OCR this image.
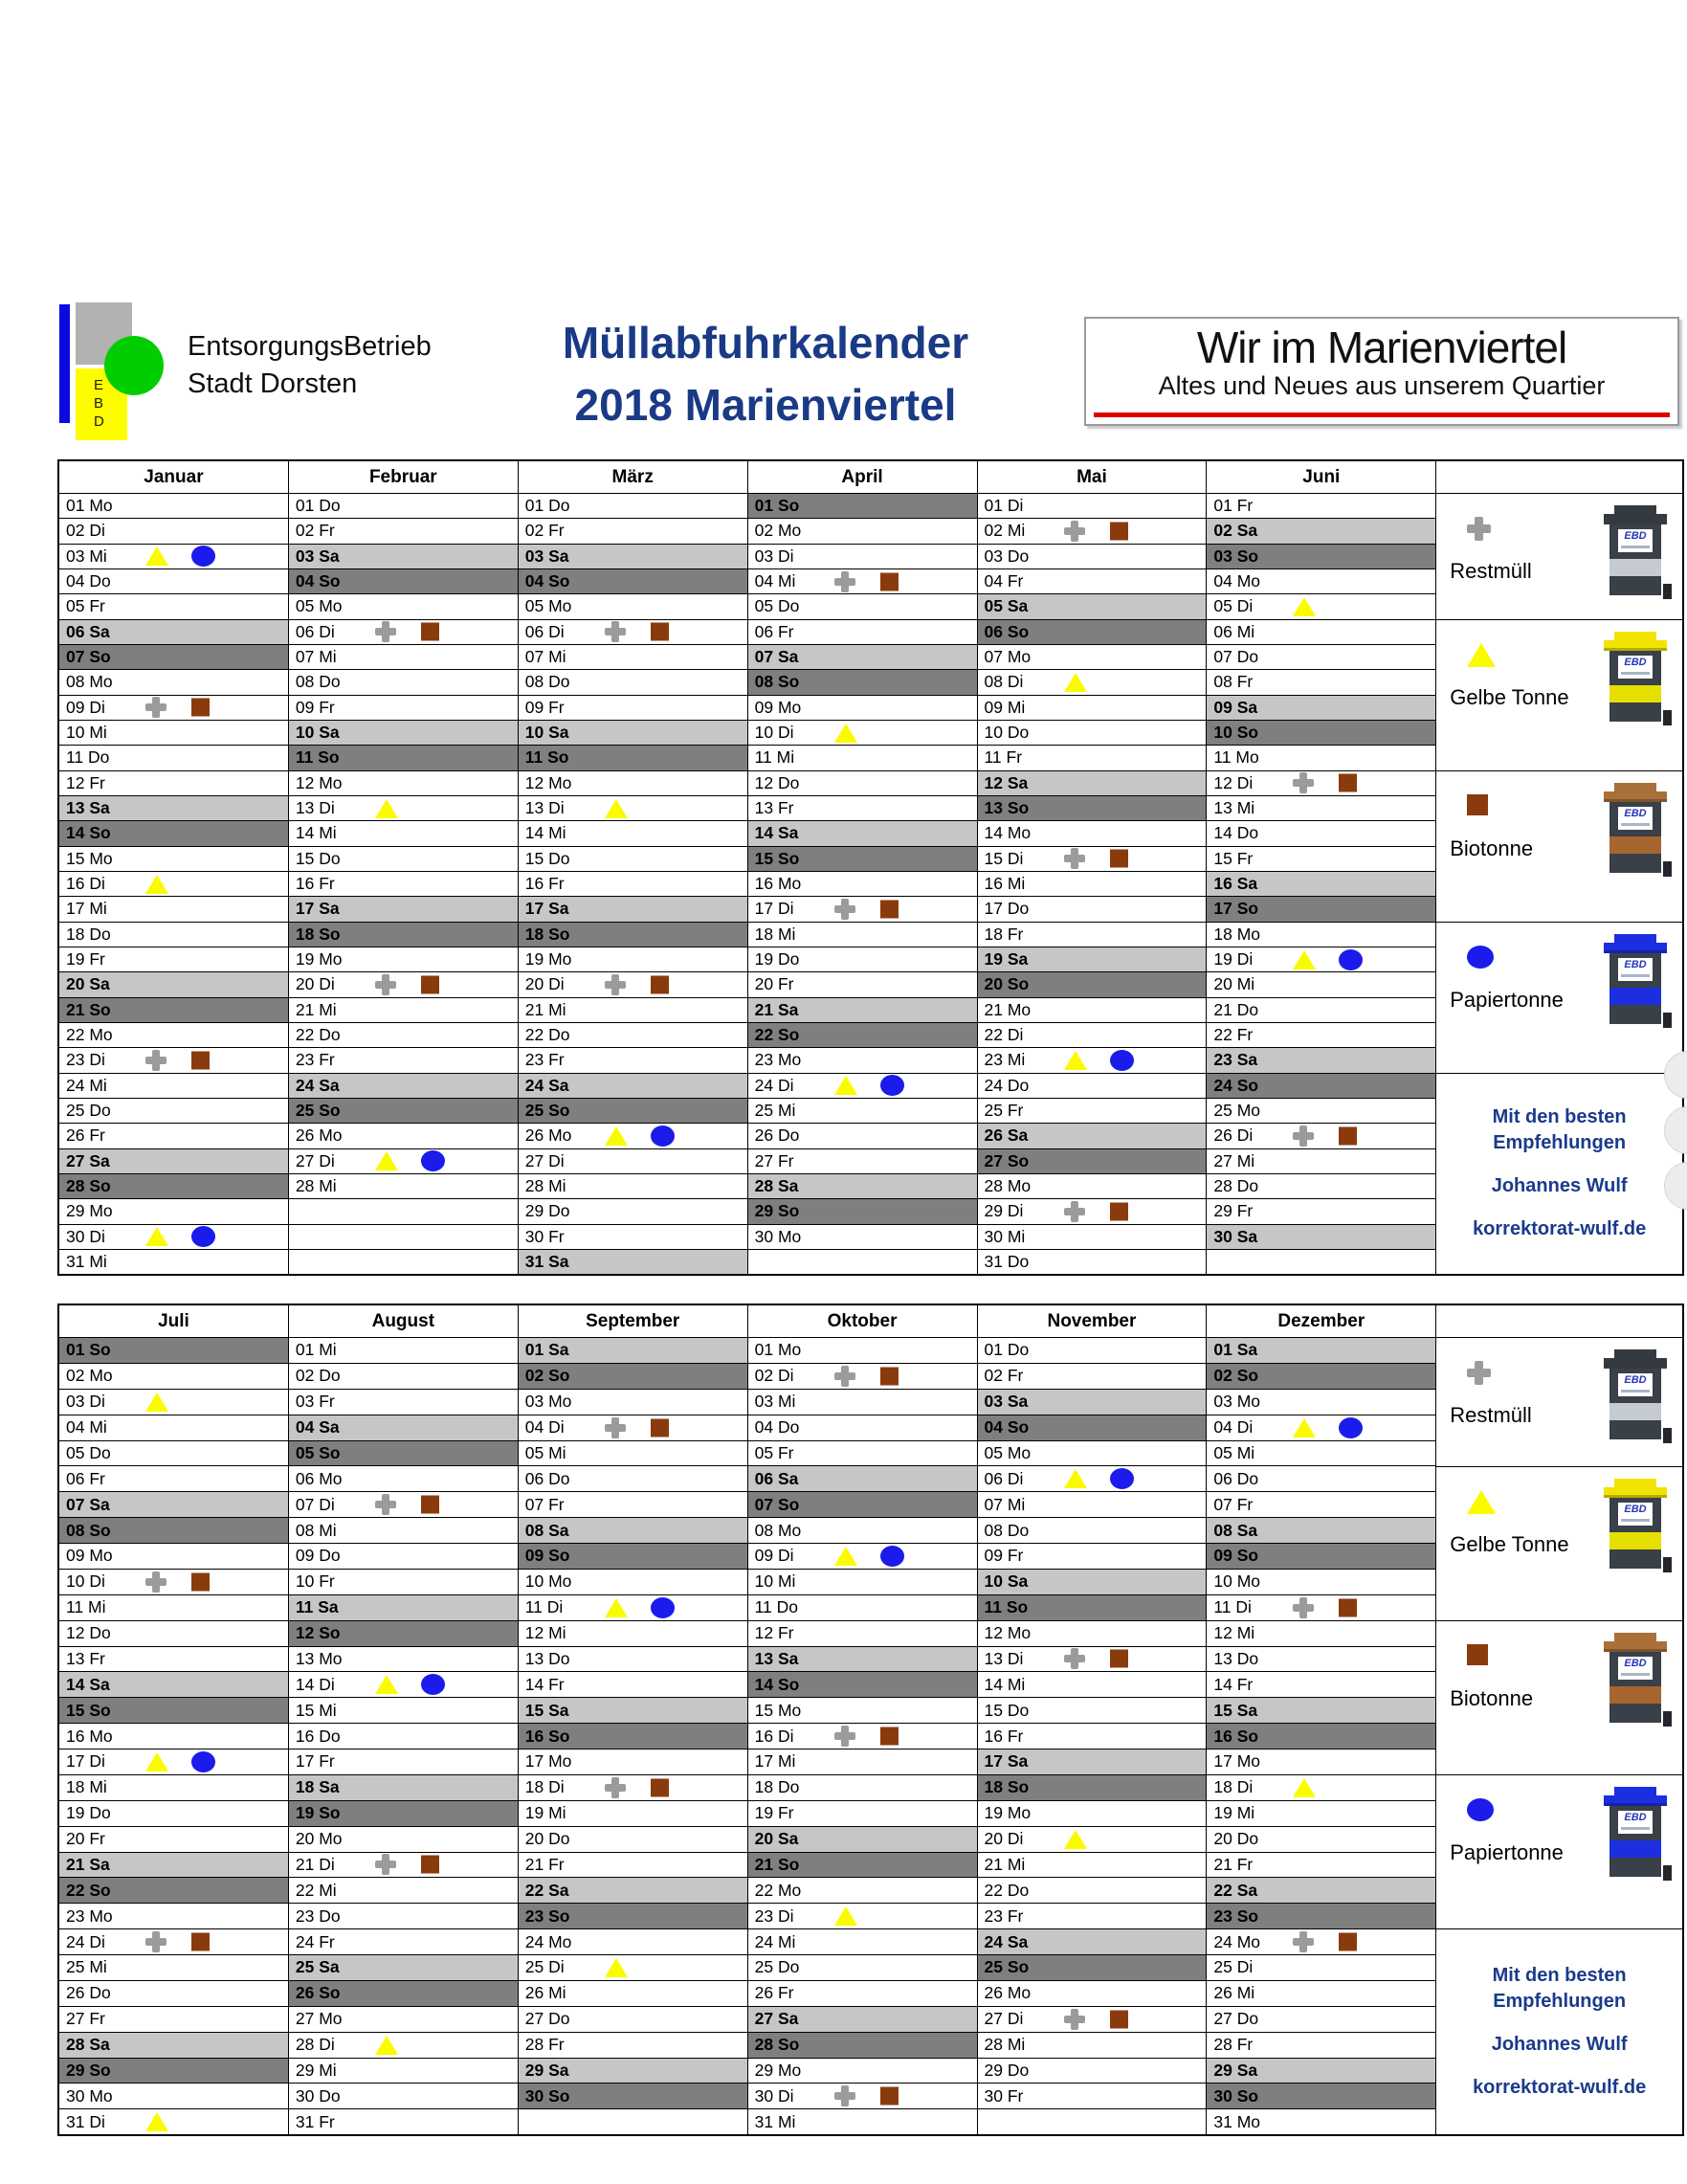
E
B
D
EntsorgungsBetrieb
Stadt Dorsten
Müllabfuhrkalender
2018 Marienviertel
Wir im Marienviertel
Altes und Neues aus unserem Quartier
Januar
01 Mo
02 Di
03 Mi
04 Do
05 Fr
06 Sa
07 So
08 Mo
09 Di
10 Mi
11 Do
12 Fr
13 Sa
14 So
15 Mo
16 Di
17 Mi
18 Do
19 Fr
20 Sa
21 So
22 Mo
23 Di
24 Mi
25 Do
26 Fr
27 Sa
28 So
29 Mo
30 Di
31 Mi
Februar
01 Do
02 Fr
03 Sa
04 So
05 Mo
06 Di
07 Mi
08 Do
09 Fr
10 Sa
11 So
12 Mo
13 Di
14 Mi
15 Do
16 Fr
17 Sa
18 So
19 Mo
20 Di
21 Mi
22 Do
23 Fr
24 Sa
25 So
26 Mo
27 Di
28 Mi
März
01 Do
02 Fr
03 Sa
04 So
05 Mo
06 Di
07 Mi
08 Do
09 Fr
10 Sa
11 So
12 Mo
13 Di
14 Mi
15 Do
16 Fr
17 Sa
18 So
19 Mo
20 Di
21 Mi
22 Do
23 Fr
24 Sa
25 So
26 Mo
27 Di
28 Mi
29 Do
30 Fr
31 Sa
April
01 So
02 Mo
03 Di
04 Mi
05 Do
06 Fr
07 Sa
08 So
09 Mo
10 Di
11 Mi
12 Do
13 Fr
14 Sa
15 So
16 Mo
17 Di
18 Mi
19 Do
20 Fr
21 Sa
22 So
23 Mo
24 Di
25 Mi
26 Do
27 Fr
28 Sa
29 So
30 Mo
Mai
01 Di
02 Mi
03 Do
04 Fr
05 Sa
06 So
07 Mo
08 Di
09 Mi
10 Do
11 Fr
12 Sa
13 So
14 Mo
15 Di
16 Mi
17 Do
18 Fr
19 Sa
20 So
21 Mo
22 Di
23 Mi
24 Do
25 Fr
26 Sa
27 So
28 Mo
29 Di
30 Mi
31 Do
Juni
01 Fr
02 Sa
03 So
04 Mo
05 Di
06 Mi
07 Do
08 Fr
09 Sa
10 So
11 Mo
12 Di
13 Mi
14 Do
15 Fr
16 Sa
17 So
18 Mo
19 Di
20 Mi
21 Do
22 Fr
23 Sa
24 So
25 Mo
26 Di
27 Mi
28 Do
29 Fr
30 Sa
Restmüll
EBD
Gelbe Tonne
EBD
Biotonne
EBD
Papiertonne
EBD
Mit den besten
Empfehlungen
Johannes Wulf
korrektorat-wulf.de
Juli
01 So
02 Mo
03 Di
04 Mi
05 Do
06 Fr
07 Sa
08 So
09 Mo
10 Di
11 Mi
12 Do
13 Fr
14 Sa
15 So
16 Mo
17 Di
18 Mi
19 Do
20 Fr
21 Sa
22 So
23 Mo
24 Di
25 Mi
26 Do
27 Fr
28 Sa
29 So
30 Mo
31 Di
August
01 Mi
02 Do
03 Fr
04 Sa
05 So
06 Mo
07 Di
08 Mi
09 Do
10 Fr
11 Sa
12 So
13 Mo
14 Di
15 Mi
16 Do
17 Fr
18 Sa
19 So
20 Mo
21 Di
22 Mi
23 Do
24 Fr
25 Sa
26 So
27 Mo
28 Di
29 Mi
30 Do
31 Fr
September
01 Sa
02 So
03 Mo
04 Di
05 Mi
06 Do
07 Fr
08 Sa
09 So
10 Mo
11 Di
12 Mi
13 Do
14 Fr
15 Sa
16 So
17 Mo
18 Di
19 Mi
20 Do
21 Fr
22 Sa
23 So
24 Mo
25 Di
26 Mi
27 Do
28 Fr
29 Sa
30 So
Oktober
01 Mo
02 Di
03 Mi
04 Do
05 Fr
06 Sa
07 So
08 Mo
09 Di
10 Mi
11 Do
12 Fr
13 Sa
14 So
15 Mo
16 Di
17 Mi
18 Do
19 Fr
20 Sa
21 So
22 Mo
23 Di
24 Mi
25 Do
26 Fr
27 Sa
28 So
29 Mo
30 Di
31 Mi
November
01 Do
02 Fr
03 Sa
04 So
05 Mo
06 Di
07 Mi
08 Do
09 Fr
10 Sa
11 So
12 Mo
13 Di
14 Mi
15 Do
16 Fr
17 Sa
18 So
19 Mo
20 Di
21 Mi
22 Do
23 Fr
24 Sa
25 So
26 Mo
27 Di
28 Mi
29 Do
30 Fr
Dezember
01 Sa
02 So
03 Mo
04 Di
05 Mi
06 Do
07 Fr
08 Sa
09 So
10 Mo
11 Di
12 Mi
13 Do
14 Fr
15 Sa
16 So
17 Mo
18 Di
19 Mi
20 Do
21 Fr
22 Sa
23 So
24 Mo
25 Di
26 Mi
27 Do
28 Fr
29 Sa
30 So
31 Mo
Restmüll
EBD
Gelbe Tonne
EBD
Biotonne
EBD
Papiertonne
EBD
Mit den besten
Empfehlungen
Johannes Wulf
korrektorat-wulf.de
